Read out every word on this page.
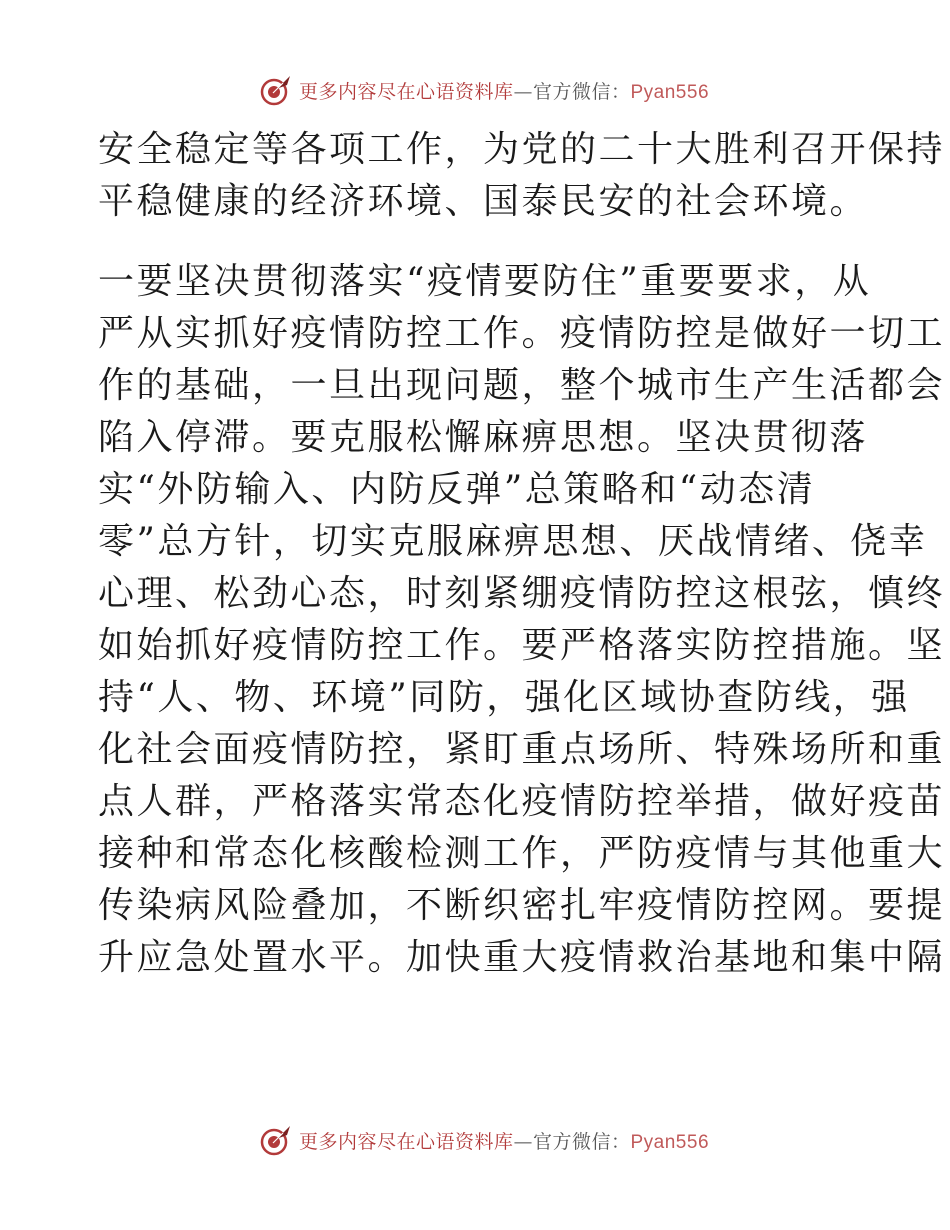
更多内容尽在心语资料库—官方微信：Pyan556
安全稳定等各项工作，为党的二十大胜利召开保持
平稳健康的经济环境、国泰民安的社会环境。
一要坚决贯彻落实“疫情要防住”重要要求，从
严从实抓好疫情防控工作。疫情防控是做好一切工
作的基础，一旦出现问题，整个城市生产生活都会
陷入停滞。要克服松懈麻痹思想。坚决贯彻落
实“外防输入、内防反弹”总策略和“动态清
零”总方针，切实克服麻痹思想、厌战情绪、侥幸
心理、松劲心态，时刻紧绷疫情防控这根弦，慎终
如始抓好疫情防控工作。要严格落实防控措施。坚
持“人、物、环境”同防，强化区域协查防线，强
化社会面疫情防控，紧盯重点场所、特殊场所和重
点人群，严格落实常态化疫情防控举措，做好疫苗
接种和常态化核酸检测工作，严防疫情与其他重大
传染病风险叠加，不断织密扎牢疫情防控网。要提
升应急处置水平。加快重大疫情救治基地和集中隔
更多内容尽在心语资料库—官方微信：Pyan556
